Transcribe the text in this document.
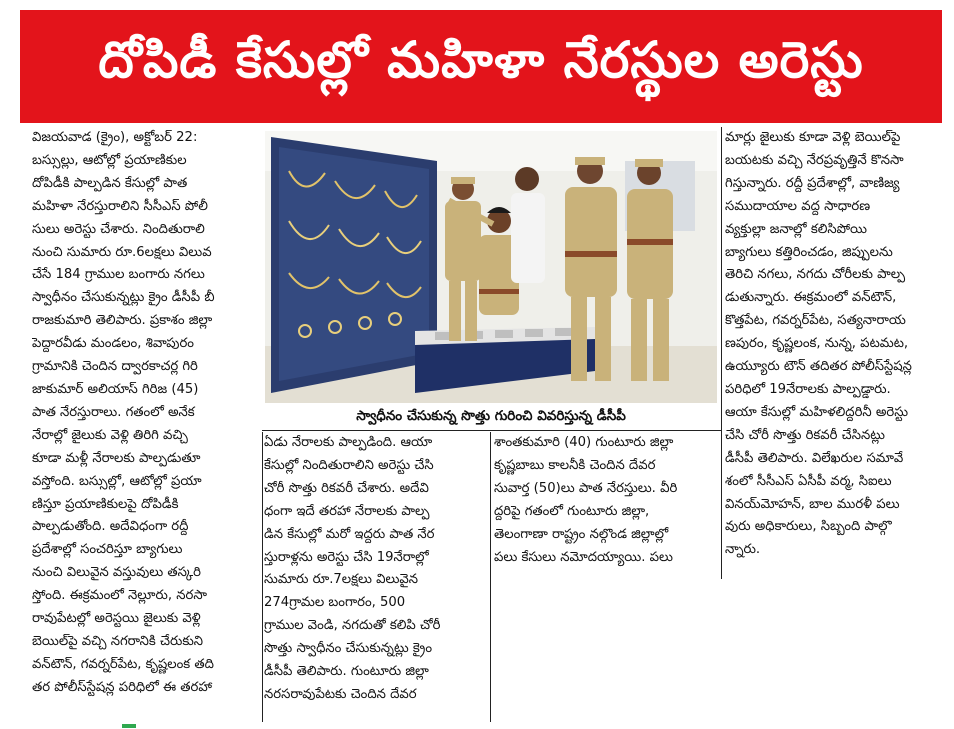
దోపిడీ కేసుల్లో మహిళా నేరస్థుల అరెస్టు

విజయవాడ (క్రైం), అక్టోబర్ 22:

బస్సుల్లు, ఆటోల్లో ప్రయాణికుల

దోపిడీకి పాల్పడిన కేసుల్లో పాత

మహిళా నేరస్తురాలిని సీసీఎస్ పోలీ

సులు అరెస్టు చేశారు. నిందితురాలి

నుంచి సుమారు రూ.6లక్షలు విలువ

చేసే 184 గ్రాముల బంగారు నగలు

స్వాధీనం చేసుకున్నట్లు క్రైం డీసీపీ బీ

రాజకుమారి తెలిపారు. ప్రకాశం జిల్లా

పెద్దారవీడు మండలం, శివాపురం

గ్రామానికి చెందిన ద్వారకాచర్ల గిరి

జాకుమార్ అలియాస్ గిరిజ (45)

పాత నేరస్తురాలు. గతంలో అనేక

నేరాల్లో జైలుకు వెళ్లి తిరిగి వచ్చి

కూడా మళ్లీ నేరాలకు పాల్పడుతూ

వస్తోంది. బస్సుల్లో, ఆటోల్లో ప్రయా

ణిస్తూ ప్రయాణికులపై దోపిడీకి

పాల్పడుతోంది. అదేవిధంగా రద్దీ

ప్రదేశాల్లో సంచరిస్తూ బ్యాగులు

నుంచి విలువైన వస్తువులు తస్కరి

స్తోంది. ఈక్రమంలో నెల్లూరు, నరసా

రావుపేటల్లో అరెస్టయి జైలుకు వెళ్లి

బెయిల్‌పై వచ్చి నగరానికి చేరుకుని

వన్‌టౌన్, గవర్నర్‌పేట, కృష్ణలంక తది

తర పోలీస్‌స్టేషన్ల పరిధిలో ఈ తరహా

స్వాధీనం చేసుకున్న సొత్తు గురించి వివరిస్తున్న డీసీపీ

ఏడు నేరాలకు పాల్పడింది. ఆయా

కేసుల్లో నిందితురాలిని అరెస్టు చేసి

చోరీ సొత్తు రికవరీ చేశారు. అదేవి

ధంగా ఇదే తరహా నేరాలకు పాల్ప

డిన కేసుల్లో మరో ఇద్దరు పాత నేర

స్తురాళ్లను అరెస్టు చేసి 19నేరాల్లో

సుమారు రూ.7లక్షలు విలువైన

274గ్రామల బంగారం, 500

గ్రాముల వెండి, నగదుతో కలిపి చోరీ

సొత్తు స్వాధీనం చేసుకున్నట్లు క్రైం

డీసీపీ తెలిపారు. గుంటూరు జిల్లా

నరసరావుపేటకు చెందిన దేవర

శాంతకుమారి (40) గుంటూరు జిల్లా

కృష్ణబాబు కాలనీకి చెందిన దేవర

సువార్త (50)లు పాత నేరస్తులు. వీరి

ద్దరిపై గతంలో గుంటూరు జిల్లా,

తెలంగాణా రాష్ట్రం నల్గొండ జిల్లాల్లో

పలు కేసులు నమోదయ్యాయి. పలు

మార్లు జైలుకు కూడా వెళ్లి బెయిల్‌పై

బయటకు వచ్చి నేరప్రవృత్తినే కొనసా

గిస్తున్నారు. రద్దీ ప్రదేశాల్లో, వాణిజ్య

సముదాయాల వద్ద సాధారణ

వ్యక్తుల్లా జనాల్లో కలిసిపోయి

బ్యాగులు కత్తిరించడం, జిప్పులను

తెరిచి నగలు, నగదు చోరీలకు పాల్ప

డుతున్నారు. ఈక్రమంలో వన్‌టౌన్,

కొత్తపేట, గవర్నర్‌పేట, సత్యనారాయ

ణపురం, కృష్ణలంక, నున్న, పటమట,

ఉయ్యూరు టౌన్ తదితర పోలీస్‌స్టేషన్ల

పరిధిలో 19నేరాలకు పాల్పడ్డారు.

ఆయా కేసుల్లో మహిళలిద్దరినీ అరెస్టు

చేసి చోరీ సొత్తు రికవరీ చేసినట్లు

డీసీపీ తెలిపారు. విలేఖరుల సమావే

శంలో సీసీఎస్ ఏసీపీ వర్మ, సిఐలు

వినయ్‌మోహన్, బాల మురళీ పలు

వురు అధికారులు, సిబ్బంది పాల్గొ

న్నారు.
